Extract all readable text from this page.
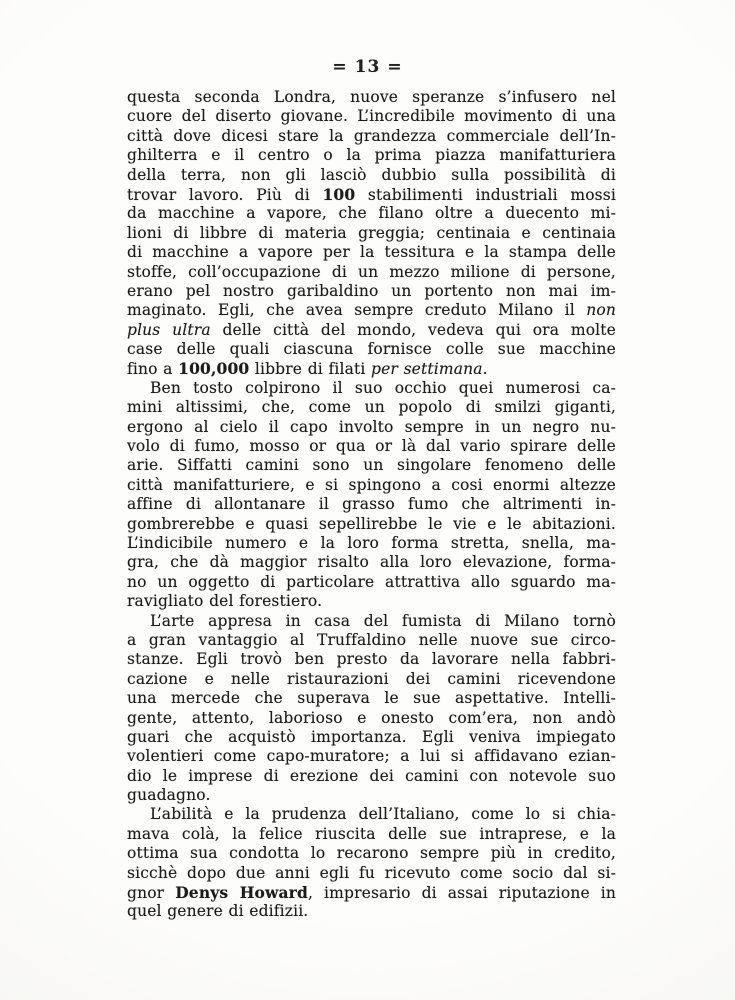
= 13 =
questa seconda Londra, nuove speranze s’infusero nel
cuore del diserto giovane. L’incredibile movimento di una
città dove dicesi stare la grandezza commerciale dell’In-
ghilterra e il centro o la prima piazza manifatturiera
della terra, non gli lasciò dubbio sulla possibilità di
trovar lavoro. Più di 100 stabilimenti industriali mossi
da macchine a vapore, che filano oltre a duecento mi-
lioni di libbre di materia greggia; centinaia e centinaia
di macchine a vapore per la tessitura e la stampa delle
stoffe, coll’occupazione di un mezzo milione di persone,
erano pel nostro garibaldino un portento non mai im-
maginato. Egli, che avea sempre creduto Milano il non
plus ultra delle città del mondo, vedeva qui ora molte
case delle quali ciascuna fornisce colle sue macchine
fino a 100,000 libbre di filati per settimana.
Ben tosto colpirono il suo occhio quei numerosi ca-
mini altissimi, che, come un popolo di smilzi giganti,
ergono al cielo il capo involto sempre in un negro nu-
volo di fumo, mosso or qua or là dal vario spirare delle
arie. Siffatti camini sono un singolare fenomeno delle
città manifatturiere, e si spingono a cosi enormi altezze
affine di allontanare il grasso fumo che altrimenti in-
gombrerebbe e quasi sepellirebbe le vie e le abitazioni.
L’indicibile numero e la loro forma stretta, snella, ma-
gra, che dà maggior risalto alla loro elevazione, forma-
no un oggetto di particolare attrattiva allo sguardo ma-
ravigliato del forestiero.
L’arte appresa in casa del fumista di Milano tornò
a gran vantaggio al Truffaldino nelle nuove sue circo-
stanze. Egli trovò ben presto da lavorare nella fabbri-
cazione e nelle ristaurazioni dei camini ricevendone
una mercede che superava le sue aspettative. Intelli-
gente, attento, laborioso e onesto com’era, non andò
guari che acquistò importanza. Egli veniva impiegato
volentieri come capo-muratore; a lui si affidavano ezian-
dio le imprese di erezione dei camini con notevole suo
guadagno.
L’abilità e la prudenza dell’Italiano, come lo si chia-
mava colà, la felice riuscita delle sue intraprese, e la
ottima sua condotta lo recarono sempre più in credito,
sicchè dopo due anni egli fu ricevuto come socio dal si-
gnor Denys Howard, impresario di assai riputazione in
quel genere di edifizii.
